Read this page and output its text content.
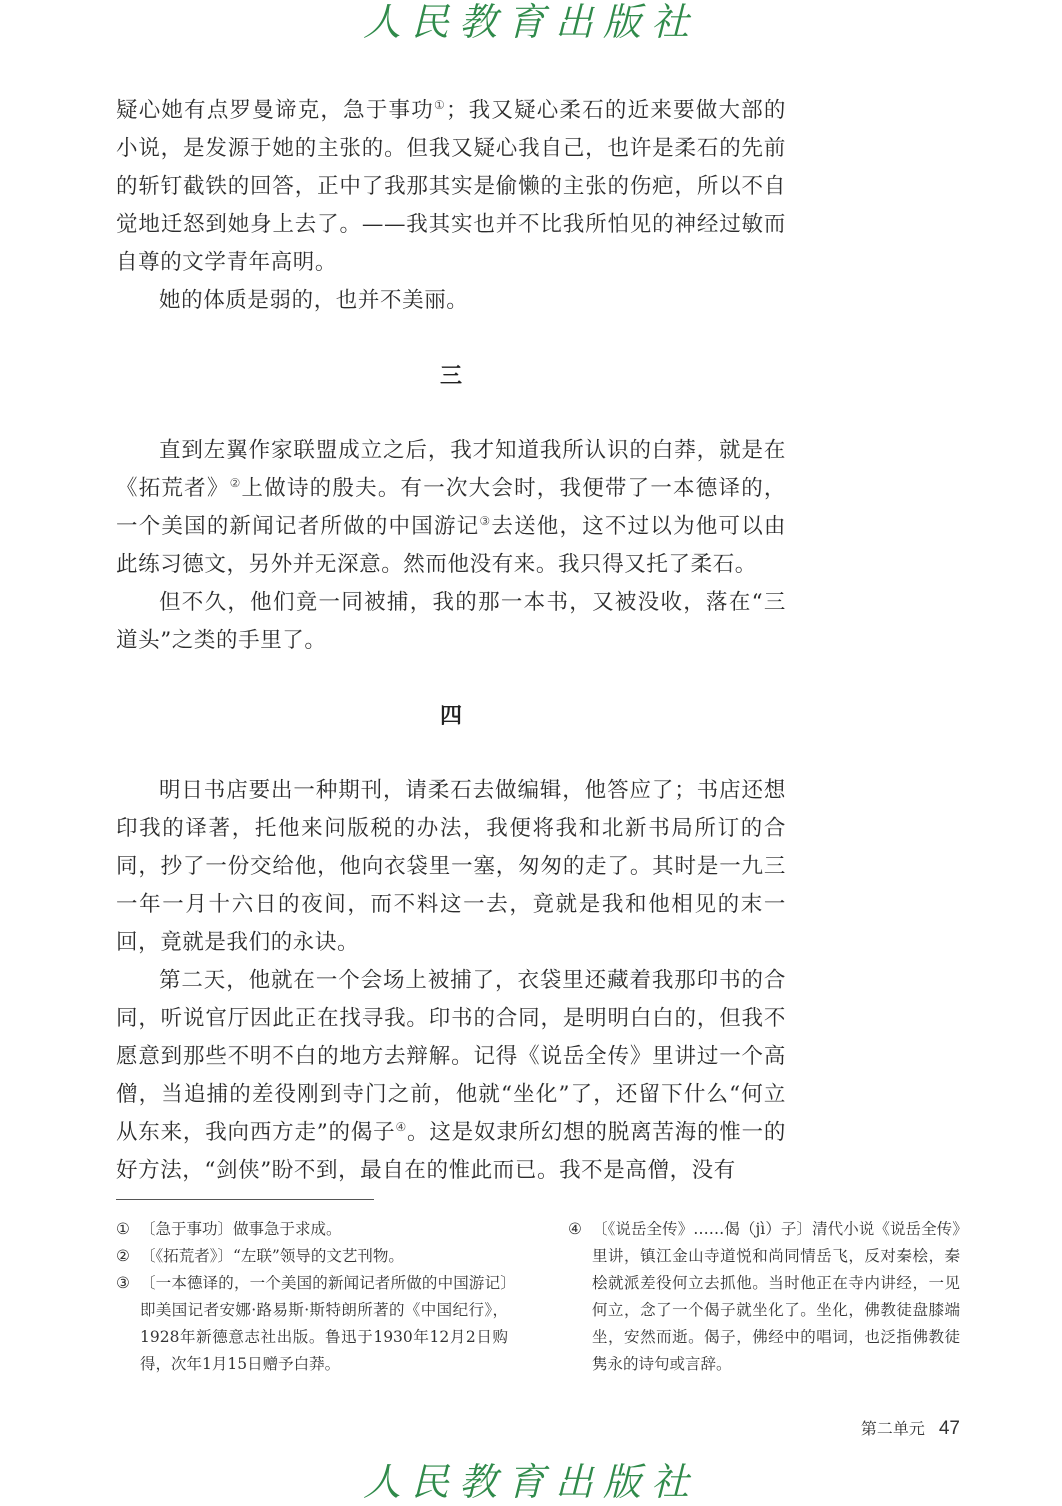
人民教育出版社

疑心她有点罗曼谛克，急于事功①；我又疑心柔石的近来要做大部的小说，是发源于她的主张的。但我又疑心我自己，也许是柔石的先前的斩钉截铁的回答，正中了我那其实是偷懒的主张的伤疤，所以不自觉地迁怒到她身上去了。——我其实也并不比我所怕见的神经过敏而自尊的文学青年高明。

她的体质是弱的，也并不美丽。

三

直到左翼作家联盟成立之后，我才知道我所认识的白莽，就是在《拓荒者》②上做诗的殷夫。有一次大会时，我便带了一本德译的，一个美国的新闻记者所做的中国游记③去送他，这不过以为他可以由此练习德文，另外并无深意。然而他没有来。我只得又托了柔石。

但不久，他们竟一同被捕，我的那一本书，又被没收，落在“三道头”之类的手里了。

四

明日书店要出一种期刊，请柔石去做编辑，他答应了；书店还想印我的译著，托他来问版税的办法，我便将我和北新书局所订的合同，抄了一份交给他，他向衣袋里一塞，匆匆的走了。其时是一九三一年一月十六日的夜间，而不料这一去，竟就是我和他相见的末一回，竟就是我们的永诀。

第二天，他就在一个会场上被捕了，衣袋里还藏着我那印书的合同，听说官厅因此正在找寻我。印书的合同，是明明白白的，但我不愿意到那些不明不白的地方去辩解。记得《说岳全传》里讲过一个高僧，当追捕的差役刚到寺门之前，他就“坐化”了，还留下什么“何立从东来，我向西方走”的偈子④。这是奴隶所幻想的脱离苦海的惟一的好方法，“剑侠”盼不到，最自在的惟此而已。我不是高僧，没有

① 〔急于事功〕做事急于求成。

② 〔《拓荒者》〕“左联”领导的文艺刊物。

③ 〔一本德译的，一个美国的新闻记者所做的中国游记〕即美国记者安娜·路易斯·斯特朗所著的《中国纪行》，1928年新德意志社出版。鲁迅于1930年12月2日购得，次年1月15日赠予白莽。

④ 〔《说岳全传》……偈（jì）子〕清代小说《说岳全传》里讲，镇江金山寺道悦和尚同情岳飞，反对秦桧，秦桧就派差役何立去抓他。当时他正在寺内讲经，一见何立，念了一个偈子就坐化了。坐化，佛教徒盘膝端坐，安然而逝。偈子，佛经中的唱词，也泛指佛教徒隽永的诗句或言辞。

第二单元 47
人民教育出版社
